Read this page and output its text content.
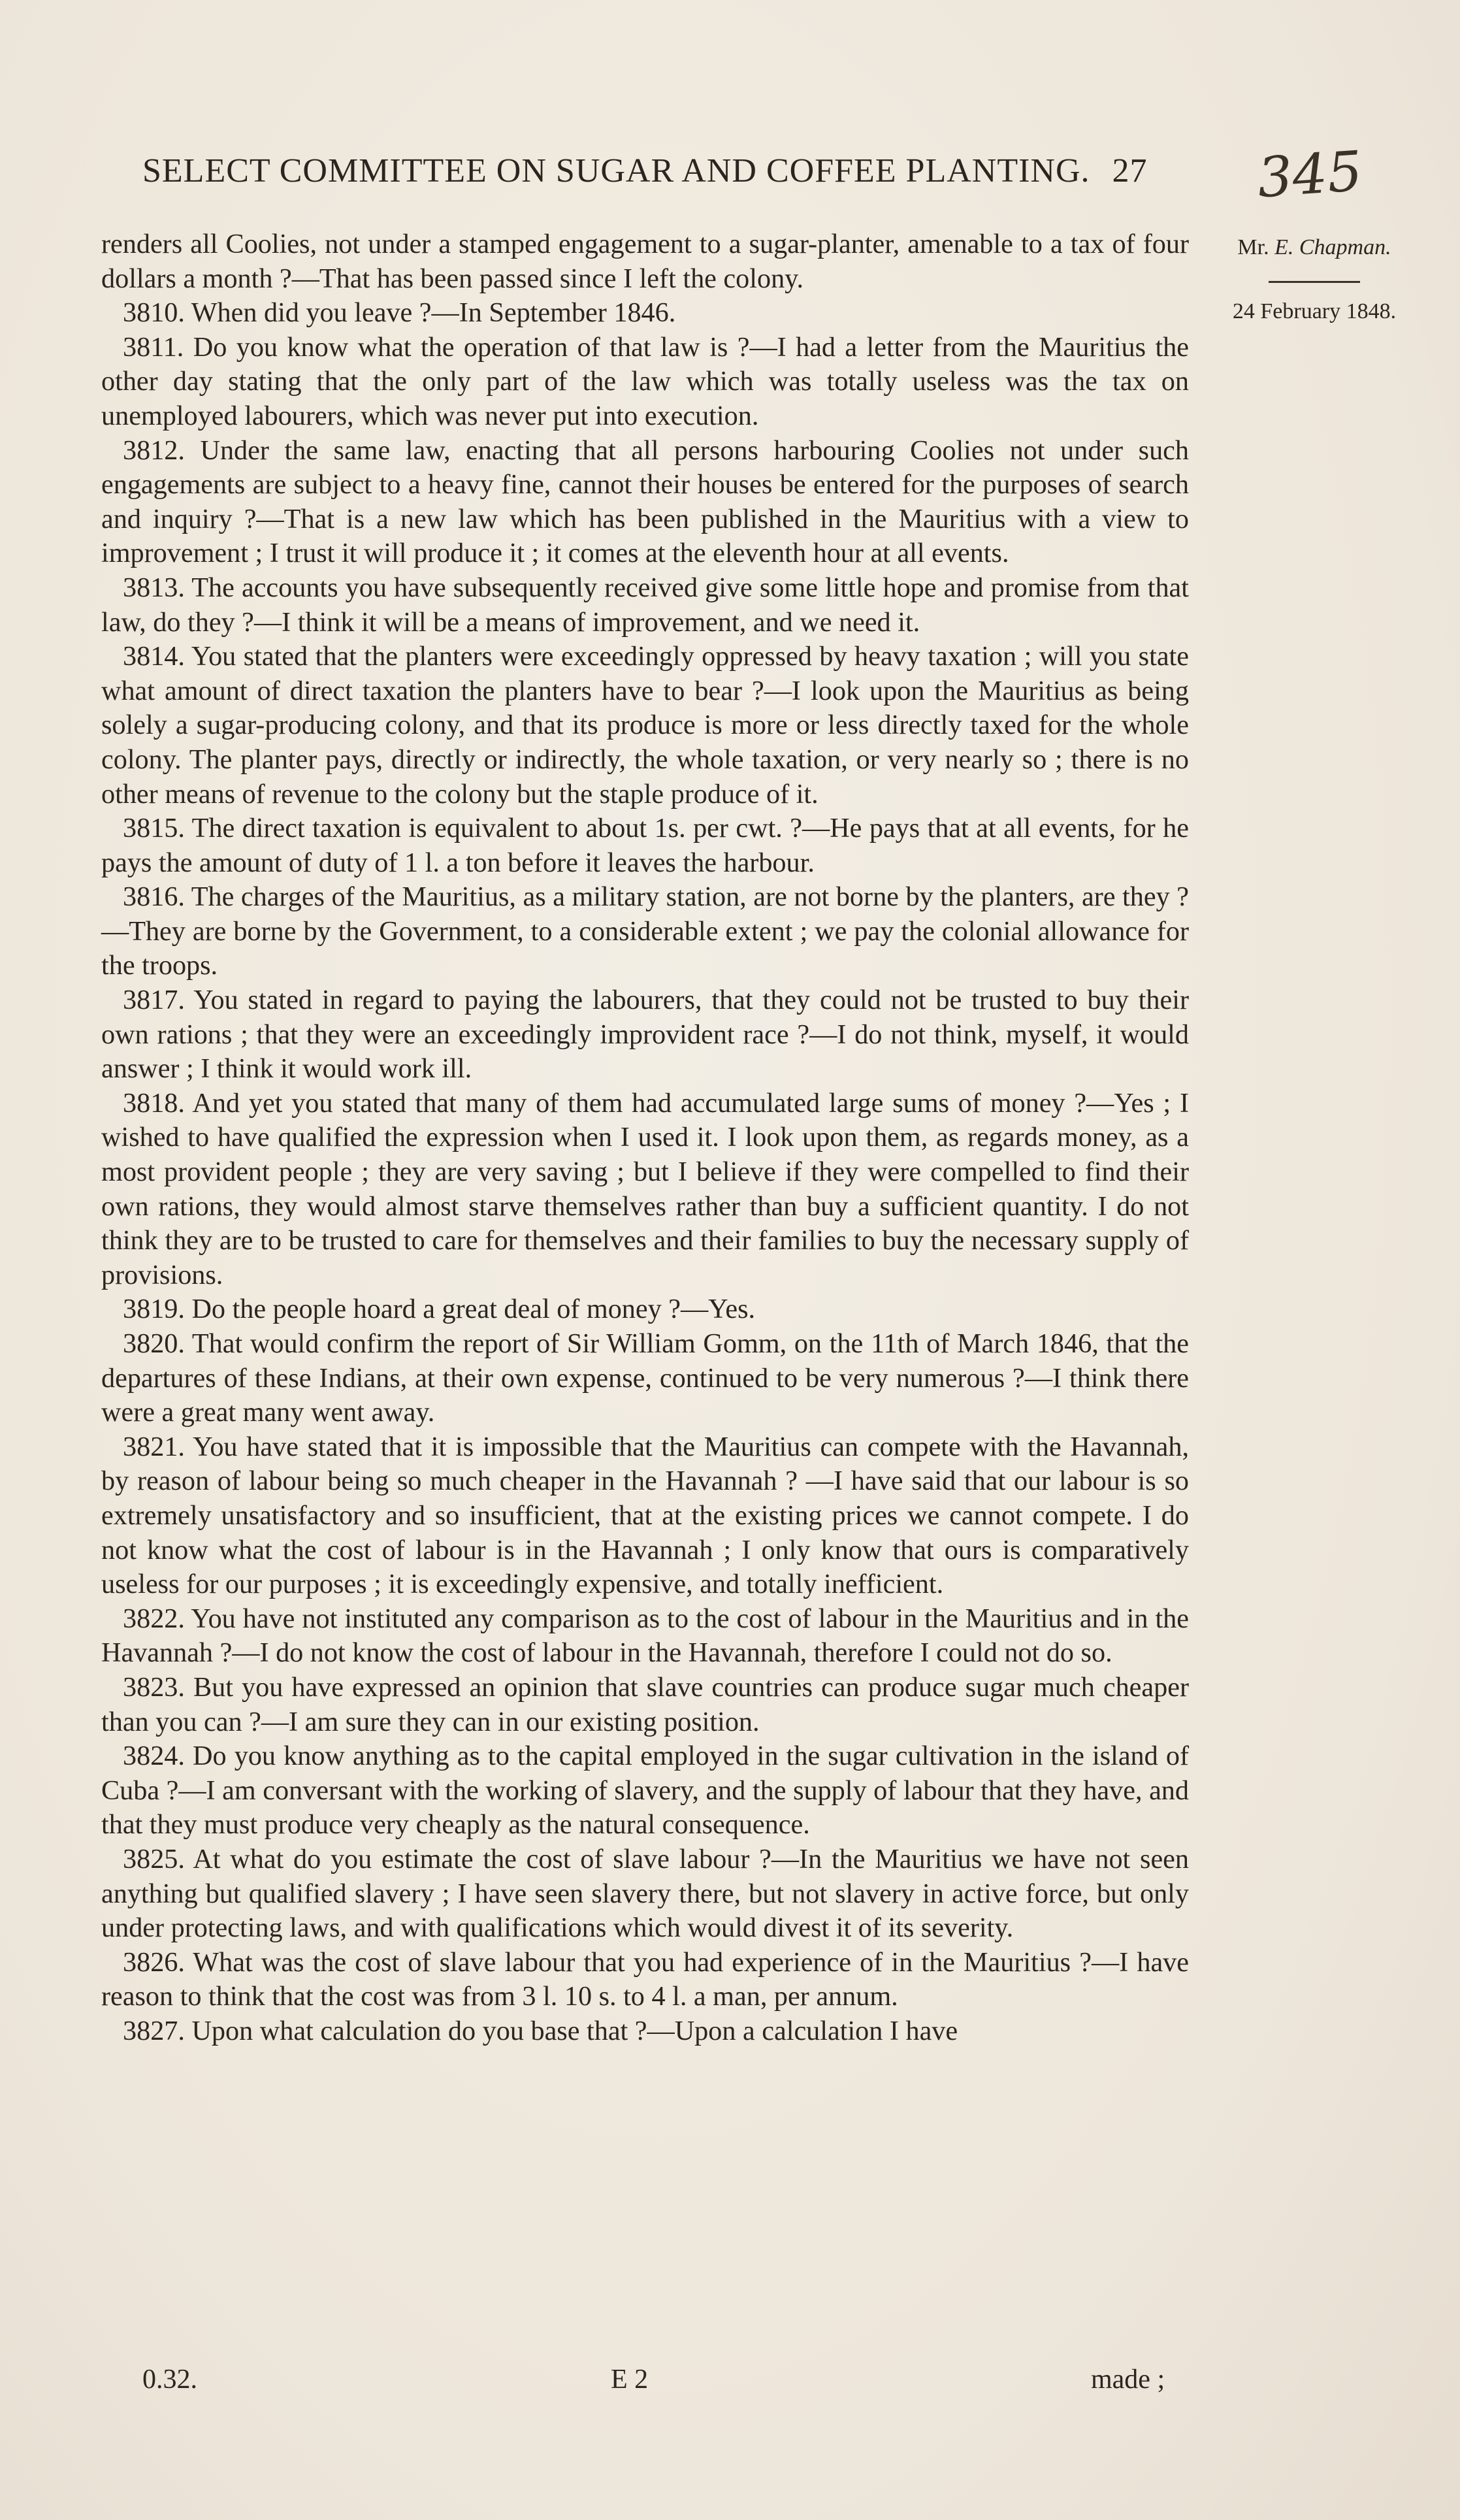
SELECT COMMITTEE ON SUGAR AND COFFEE PLANTING. 27	345
Mr. E. Chapman.
24 February 1848.

renders all Coolies, not under a stamped engagement to a sugar-planter, amenable to a tax of four dollars a month ?—That has been passed since I left the colony.

3810. When did you leave ?—In September 1846.

3811. Do you know what the operation of that law is ?—I had a letter from the Mauritius the other day stating that the only part of the law which was totally useless was the tax on unemployed labourers, which was never put into execution.

3812. Under the same law, enacting that all persons harbouring Coolies not under such engagements are subject to a heavy fine, cannot their houses be entered for the purposes of search and inquiry ?—That is a new law which has been published in the Mauritius with a view to improvement ; I trust it will produce it ; it comes at the eleventh hour at all events.

3813. The accounts you have subsequently received give some little hope and promise from that law, do they ?—I think it will be a means of improvement, and we need it.

3814. You stated that the planters were exceedingly oppressed by heavy taxation ; will you state what amount of direct taxation the planters have to bear ?—I look upon the Mauritius as being solely a sugar-producing colony, and that its produce is more or less directly taxed for the whole colony. The planter pays, directly or indirectly, the whole taxation, or very nearly so ; there is no other means of revenue to the colony but the staple produce of it.

3815. The direct taxation is equivalent to about 1s. per cwt. ?—He pays that at all events, for he pays the amount of duty of 1 l. a ton before it leaves the harbour.

3816. The charges of the Mauritius, as a military station, are not borne by the planters, are they ?—They are borne by the Government, to a considerable extent ; we pay the colonial allowance for the troops.

3817. You stated in regard to paying the labourers, that they could not be trusted to buy their own rations ; that they were an exceedingly improvident race ?—I do not think, myself, it would answer ; I think it would work ill.

3818. And yet you stated that many of them had accumulated large sums of money ?—Yes ; I wished to have qualified the expression when I used it. I look upon them, as regards money, as a most provident people ; they are very saving ; but I believe if they were compelled to find their own rations, they would almost starve themselves rather than buy a sufficient quantity. I do not think they are to be trusted to care for themselves and their families to buy the necessary supply of provisions.

3819. Do the people hoard a great deal of money ?—Yes.

3820. That would confirm the report of Sir William Gomm, on the 11th of March 1846, that the departures of these Indians, at their own expense, continued to be very numerous ?—I think there were a great many went away.

3821. You have stated that it is impossible that the Mauritius can compete with the Havannah, by reason of labour being so much cheaper in the Havannah ? —I have said that our labour is so extremely unsatisfactory and so insufficient, that at the existing prices we cannot compete. I do not know what the cost of labour is in the Havannah ; I only know that ours is comparatively useless for our purposes ; it is exceedingly expensive, and totally inefficient.

3822. You have not instituted any comparison as to the cost of labour in the Mauritius and in the Havannah ?—I do not know the cost of labour in the Havannah, therefore I could not do so.

3823. But you have expressed an opinion that slave countries can produce sugar much cheaper than you can ?—I am sure they can in our existing position.

3824. Do you know anything as to the capital employed in the sugar cultivation in the island of Cuba ?—I am conversant with the working of slavery, and the supply of labour that they have, and that they must produce very cheaply as the natural consequence.

3825. At what do you estimate the cost of slave labour ?—In the Mauritius we have not seen anything but qualified slavery ; I have seen slavery there, but not slavery in active force, but only under protecting laws, and with qualifications which would divest it of its severity.

3826. What was the cost of slave labour that you had experience of in the Mauritius ?—I have reason to think that the cost was from 3 l. 10 s. to 4 l. a man, per annum.

3827. Upon what calculation do you base that ?—Upon a calculation I have

0.32.	E 2	made ;
